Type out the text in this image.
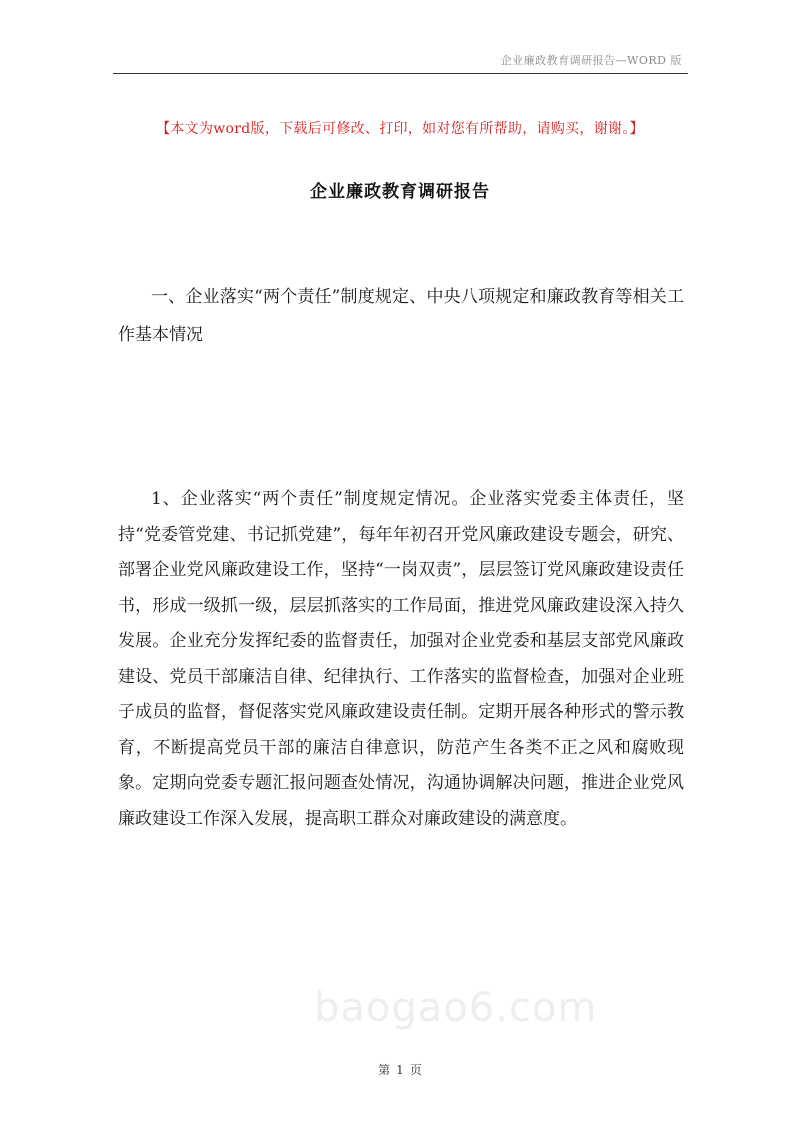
企业廉政教育调研报告—WORD 版
【本文为word版，下载后可修改、打印，如对您有所帮助，请购买，谢谢。】
企业廉政教育调研报告
一、企业落实“两个责任”制度规定、中央八项规定和廉政教育等相关工作基本情况
1、企业落实“两个责任”制度规定情况。企业落实党委主体责任，坚持“党委管党建、书记抓党建”，每年年初召开党风廉政建设专题会，研究、部署企业党风廉政建设工作，坚持“一岗双责”，层层签订党风廉政建设责任书，形成一级抓一级，层层抓落实的工作局面，推进党风廉政建设深入持久发展。企业充分发挥纪委的监督责任，加强对企业党委和基层支部党风廉政建设、党员干部廉洁自律、纪律执行、工作落实的监督检查，加强对企业班子成员的监督，督促落实党风廉政建设责任制。定期开展各种形式的警示教育，不断提高党员干部的廉洁自律意识，防范产生各类不正之风和腐败现象。定期向党委专题汇报问题查处情况，沟通协调解决问题，推进企业党风廉政建设工作深入发展，提高职工群众对廉政建设的满意度。
baogao6.com
第 1 页
